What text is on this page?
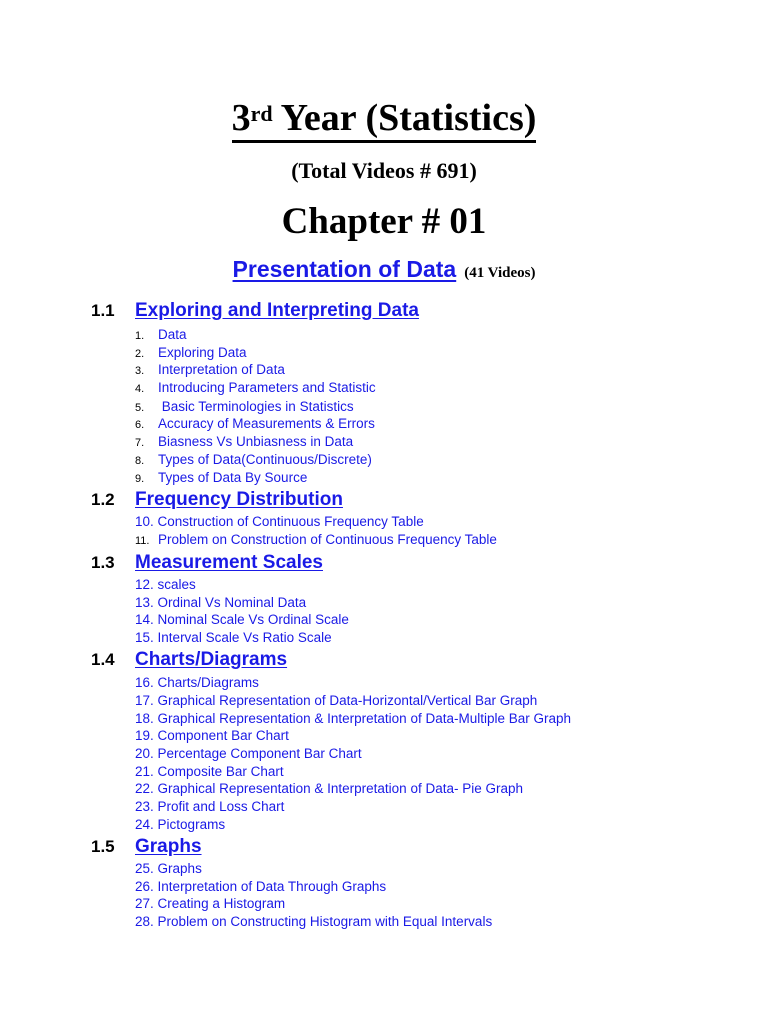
3rd Year (Statistics)
(Total Videos # 691)
Chapter # 01
Presentation of Data (41 Videos)
1.1 Exploring and Interpreting Data
1. Data
2. Exploring Data
3. Interpretation of Data
4. Introducing Parameters and Statistic
5. Basic Terminologies in Statistics
6. Accuracy of Measurements & Errors
7. Biasness Vs Unbiasness in Data
8. Types of Data(Continuous/Discrete)
9. Types of Data By Source
1.2 Frequency Distribution
10. Construction of Continuous Frequency Table
11. Problem on Construction of Continuous Frequency Table
1.3 Measurement Scales
12. scales
13. Ordinal Vs Nominal Data
14. Nominal Scale Vs Ordinal Scale
15. Interval Scale Vs Ratio Scale
1.4 Charts/Diagrams
16. Charts/Diagrams
17. Graphical Representation of Data-Horizontal/Vertical Bar Graph
18. Graphical Representation & Interpretation of Data-Multiple Bar Graph
19. Component Bar Chart
20. Percentage Component Bar Chart
21. Composite Bar Chart
22. Graphical Representation & Interpretation of Data- Pie Graph
23. Profit and Loss Chart
24. Pictograms
1.5 Graphs
25. Graphs
26. Interpretation of Data Through Graphs
27. Creating a Histogram
28. Problem on Constructing Histogram with Equal Intervals
